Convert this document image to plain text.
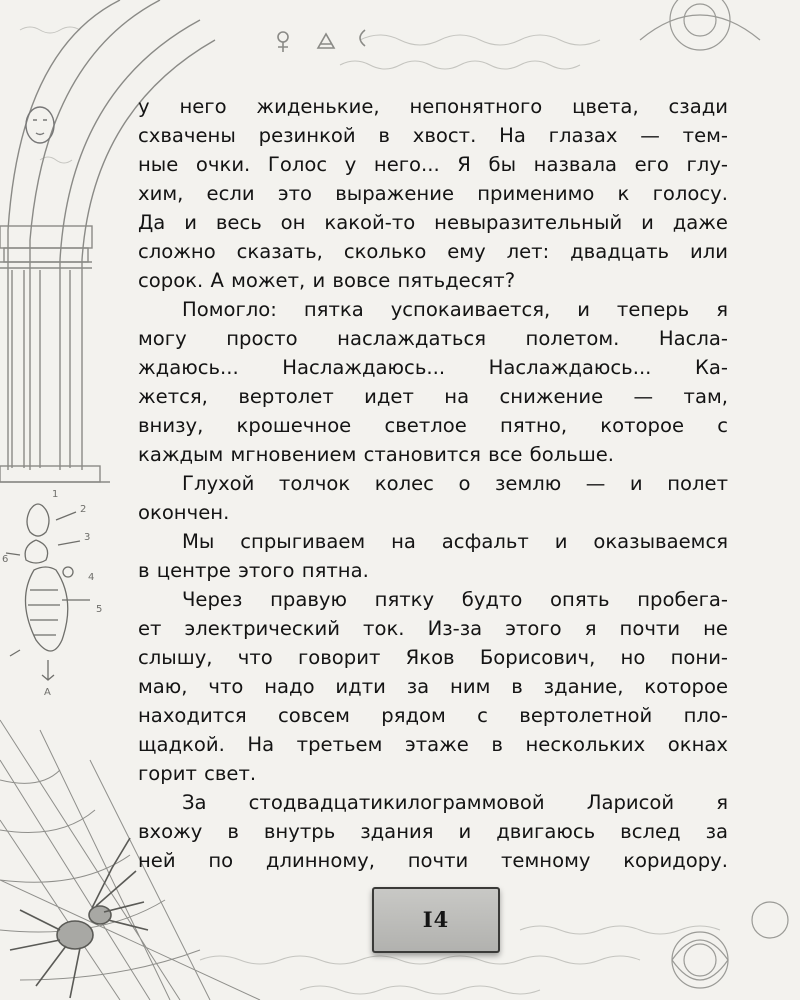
1
2
3
4
5
6
А
у него жиденькие, непонятного цвета, сзади
схвачены резинкой в хвост. На глазах — тем-
ные очки. Голос у него... Я бы назвала его глу-
хим, если это выражение применимо к голосу.
Да и весь он какой-то невыразительный и даже
сложно сказать, сколько ему лет: двадцать или
сорок. А может, и вовсе пятьдесят?
Помогло: пятка успокаивается, и теперь я
могу просто наслаждаться полетом. Насла-
ждаюсь... Наслаждаюсь... Наслаждаюсь... Ка-
жется, вертолет идет на снижение — там,
внизу, крошечное светлое пятно, которое с
каждым мгновением становится все больше.
Глухой толчок колес о землю — и полет
окончен.
Мы спрыгиваем на асфальт и оказываемся
в центре этого пятна.
Через правую пятку будто опять пробега-
ет электрический ток. Из-за этого я почти не
слышу, что говорит Яков Борисович, но пони-
маю, что надо идти за ним в здание, которое
находится совсем рядом с вертолетной пло-
щадкой. На третьем этаже в нескольких окнах
горит свет.
За стодвадцатикилограммовой Ларисой я
вхожу в внутрь здания и двигаюсь вслед за
ней по длинному, почти темному коридору.
I4
